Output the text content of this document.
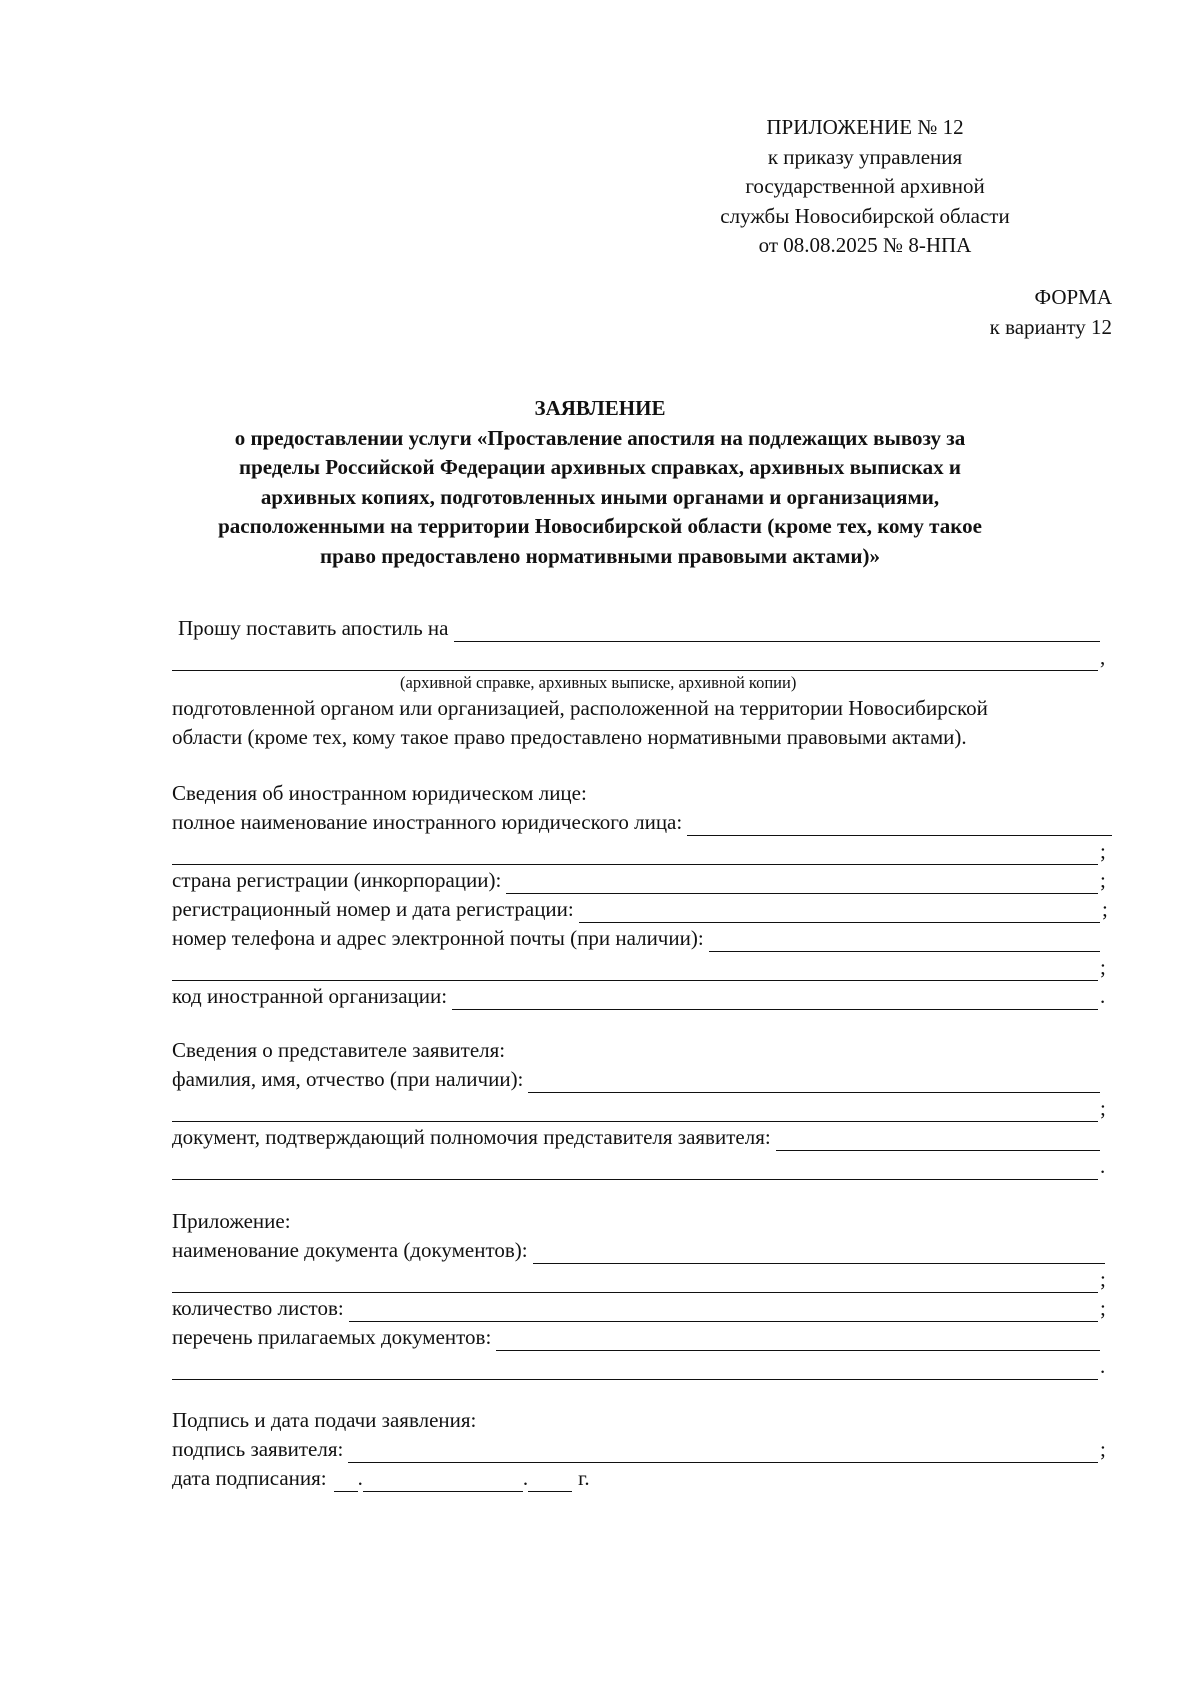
ПРИЛОЖЕНИЕ № 12
к приказу управления
государственной архивной
службы Новосибирской области
от 08.08.2025 № 8-НПА
ФОРМА
к варианту 12
ЗАЯВЛЕНИЕ
о предоставлении услуги «Проставление апостиля на подлежащих вывозу за
пределы Российской Федерации архивных справках, архивных выписках и
архивных копиях, подготовленных иными органами и организациями,
расположенными на территории Новосибирской области (кроме тех, кому такое
право предоставлено нормативными правовыми актами)»
Прошу поставить апостиль на
,
(архивной справке, архивных выписке, архивной копии)
подготовленной органом или организацией, расположенной на территории Новосибирской
области (кроме тех, кому такое право предоставлено нормативными правовыми актами).
Сведения об иностранном юридическом лице:
полное наименование иностранного юридического лица:
;
страна регистрации (инкорпорации):	;
регистрационный номер и дата регистрации:	;
номер телефона и адрес электронной почты (при наличии):
;
код иностранной организации:	.
Сведения о представителе заявителя:
фамилия, имя, отчество (при наличии):
;
документ, подтверждающий полномочия представителя заявителя:
.
Приложение:
наименование документа (документов):
;
количество листов:	;
перечень прилагаемых документов:
.
Подпись и дата подачи заявления:
подпись заявителя:	;
дата подписания: .	. г.
